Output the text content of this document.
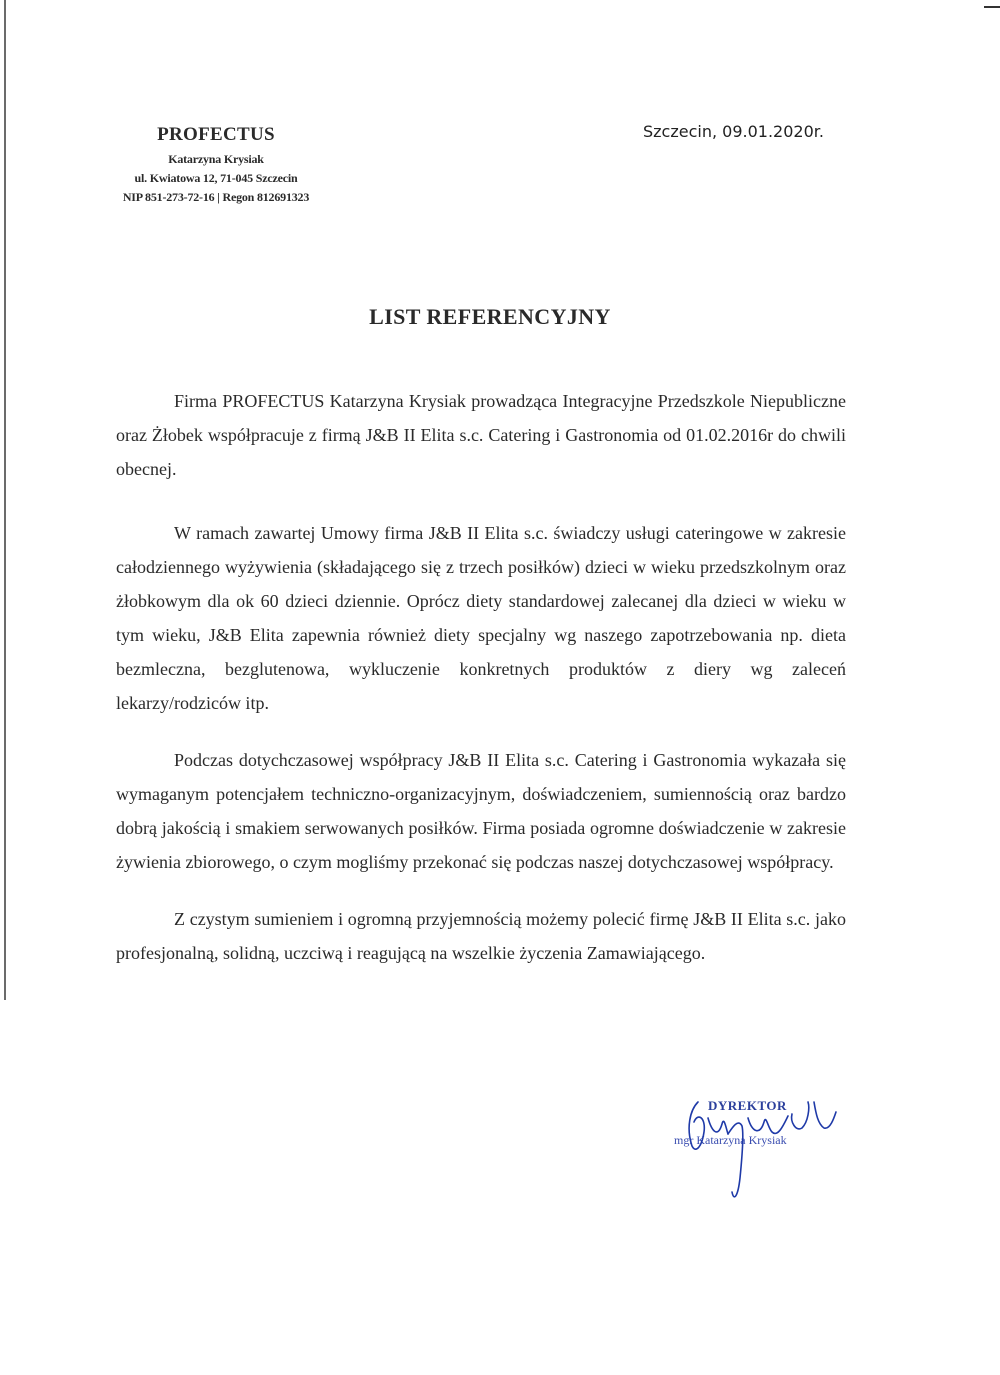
PROFECTUS
Katarzyna Krysiak
ul. Kwiatowa 12, 71-045 Szczecin
NIP 851-273-72-16 | Regon 812691323
Szczecin, 09.01.2020r.
LIST REFERENCYJNY

Firma PROFECTUS Katarzyna Krysiak prowadząca Integracyjne Przedszkole Niepubliczne oraz Żłobek współpracuje z firmą J&B II Elita s.c. Catering i Gastronomia od 01.02.2016r do chwili obecnej.

W ramach zawartej Umowy firma J&B II Elita s.c. świadczy usługi cateringowe w zakresie całodziennego wyżywienia (składającego się z trzech posiłków) dzieci w wieku przedszkolnym oraz żłobkowym dla ok 60 dzieci dziennie. Oprócz diety standardowej zalecanej dla dzieci w wieku w tym wieku, J&B Elita zapewnia również diety specjalny wg naszego zapotrzebowania np. dieta bezmleczna, bezglutenowa, wykluczenie konkretnych produktów z diery wg zaleceń lekarzy/rodziców itp.

Podczas dotychczasowej współpracy J&B II Elita s.c. Catering i Gastronomia wykazała się wymaganym potencjałem techniczno-organizacyjnym, doświadczeniem, sumiennością oraz bardzo dobrą jakością i smakiem serwowanych posiłków. Firma posiada ogromne doświadczenie w zakresie żywienia zbiorowego, o czym mogliśmy przekonać się podczas naszej dotychczasowej współpracy.

Z czystym sumieniem i ogromną przyjemnością możemy polecić firmę J&B II Elita s.c. jako profesjonalną, solidną, uczciwą i reagującą na wszelkie życzenia Zamawiającego.

DYREKTOR
mgr Katarzyna Krysiak
